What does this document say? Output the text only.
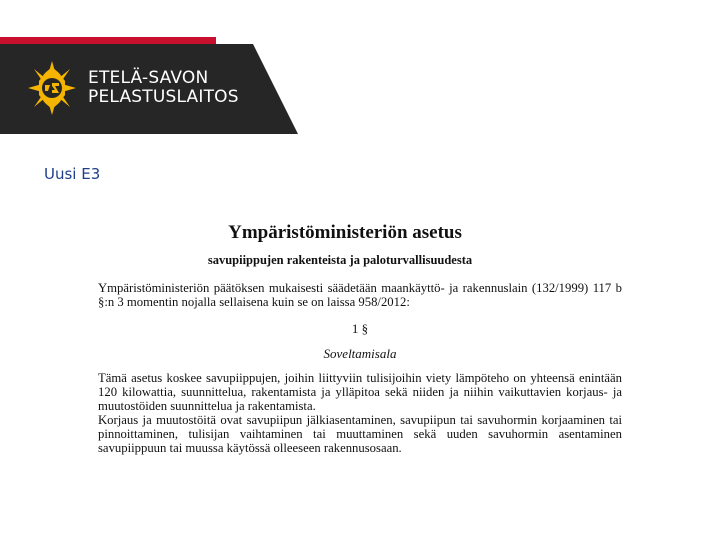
ETELÄ-SAVON
PELASTUSLAITOS
Uusi E3
Ympäristöministeriön asetus
savupiippujen rakenteista ja paloturvallisuudesta
Ympäristöministeriön päätöksen mukaisesti säädetään maankäyttö- ja rakennuslain (132/1999) 117 b §:n 3 momentin nojalla sellaisena kuin se on laissa 958/2012:
1 §
Soveltamisala
Tämä asetus koskee savupiippujen, joihin liittyviin tulisijoihin viety lämpöteho on yhteensä enintään 120 kilowattia, suunnittelua, rakentamista ja ylläpitoa sekä niiden ja niihin vaikuttavien korjaus- ja muutostöiden suunnittelua ja rakentamista.
Korjaus ja muutostöitä ovat savupiipun jälkiasentaminen, savupiipun tai savuhormin korjaaminen tai pinnoittaminen, tulisijan vaihtaminen tai muuttaminen sekä uuden savuhormin asentaminen savupiippuun tai muussa käytössä olleeseen rakennusosaan.
